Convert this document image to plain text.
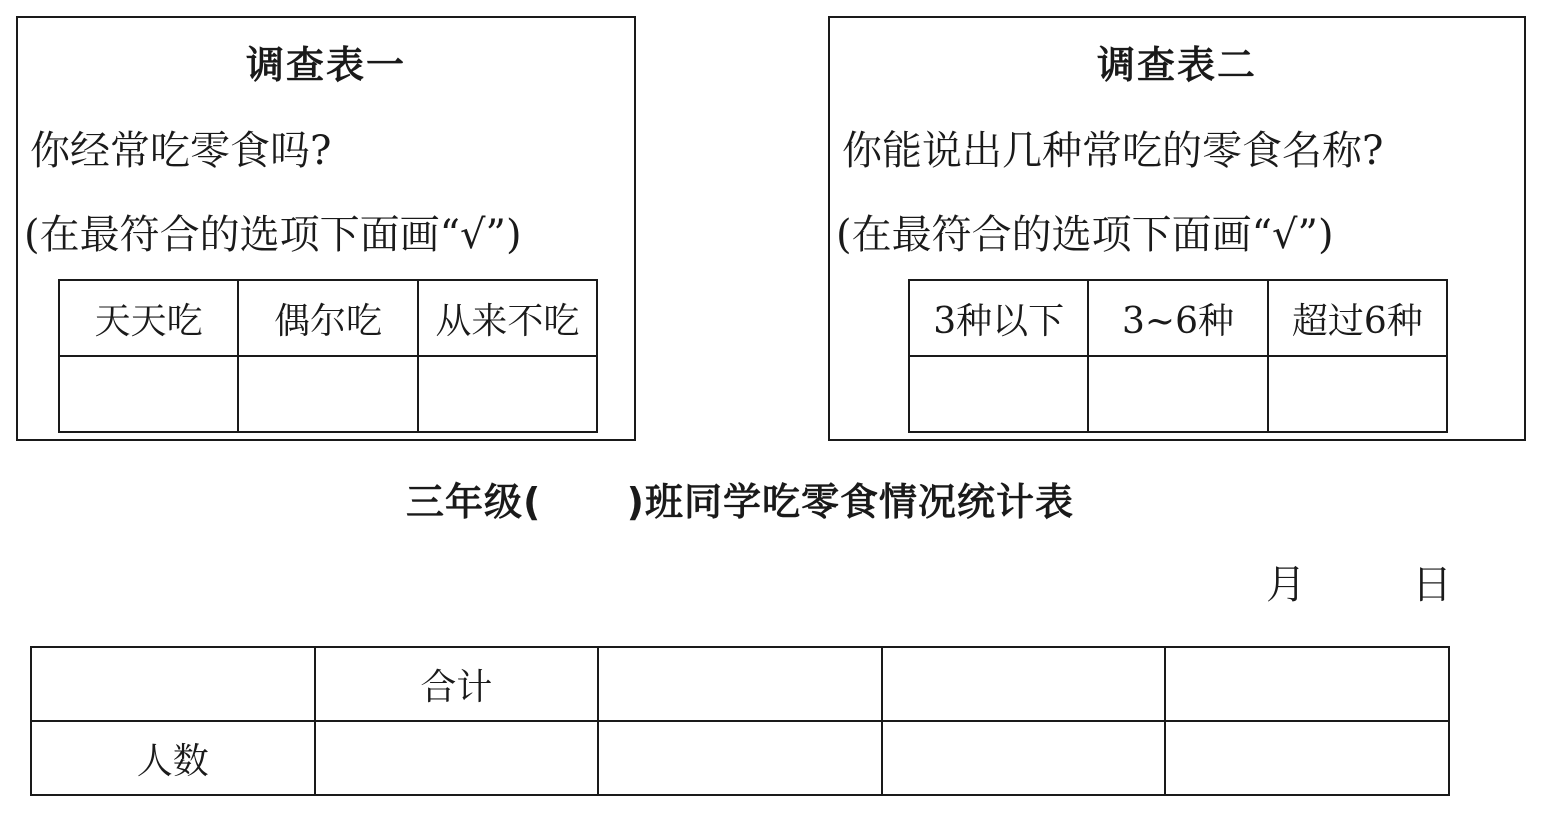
调查表一
你经常吃零食吗?
(在最符合的选项下面画“√”)
天天吃	偶尔吃	从来不吃

调查表二
你能说出几种常吃的零食名称?
(在最符合的选项下面画“√”)
3种以下	3~6种	超过6种

三年级(      )班同学吃零食情况统计表
月	日
	合计			
人数				
